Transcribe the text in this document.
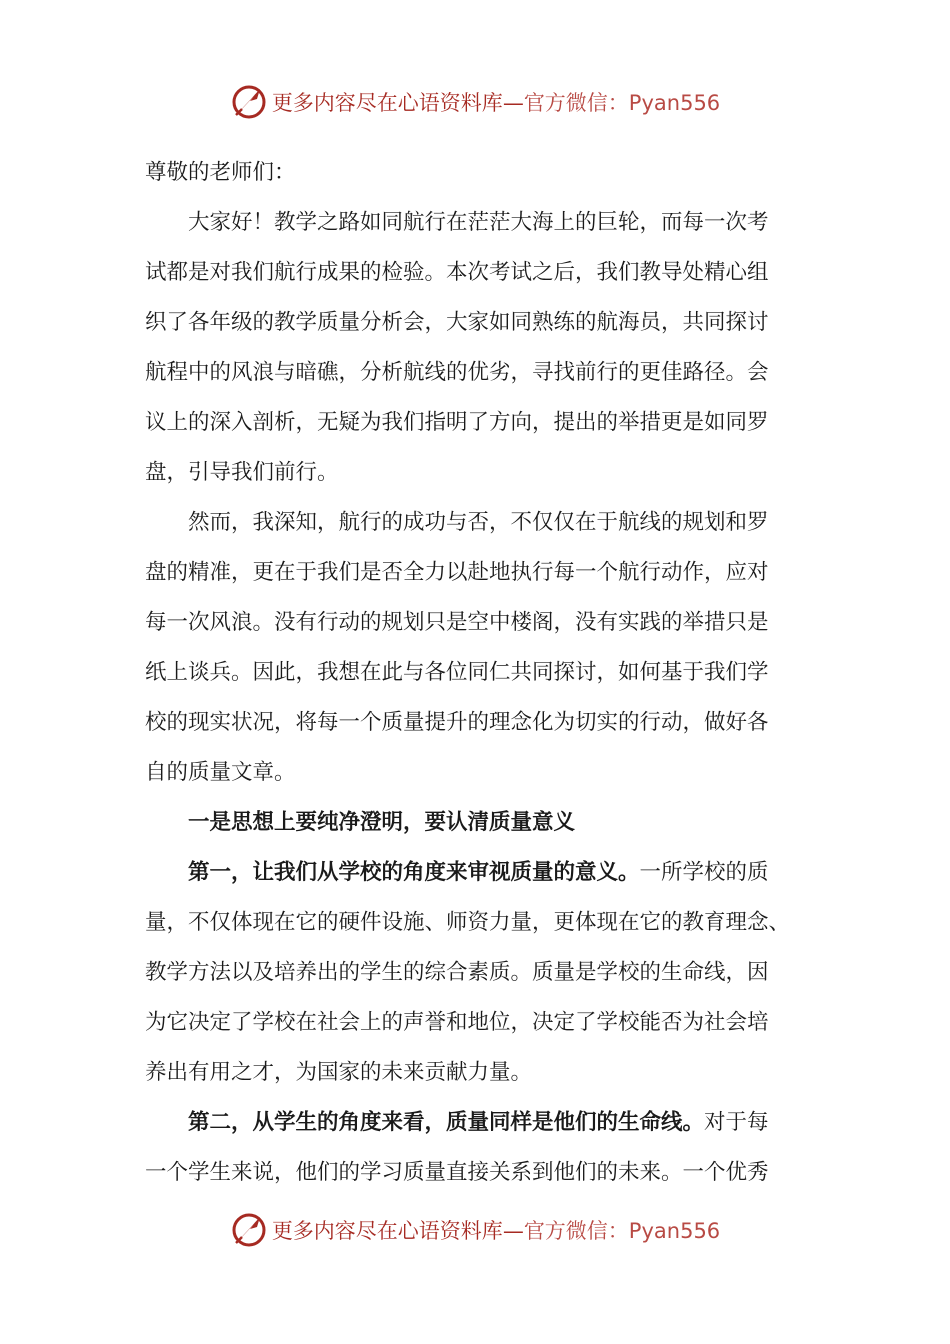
更多内容尽在心语资料库—官方微信：Pyan556
尊敬的老师们：
大家好！教学之路如同航行在茫茫大海上的巨轮，而每一次考
试都是对我们航行成果的检验。本次考试之后，我们教导处精心组
织了各年级的教学质量分析会，大家如同熟练的航海员，共同探讨
航程中的风浪与暗礁，分析航线的优劣，寻找前行的更佳路径。会
议上的深入剖析，无疑为我们指明了方向，提出的举措更是如同罗
盘，引导我们前行。
然而，我深知，航行的成功与否，不仅仅在于航线的规划和罗
盘的精准，更在于我们是否全力以赴地执行每一个航行动作，应对
每一次风浪。没有行动的规划只是空中楼阁，没有实践的举措只是
纸上谈兵。因此，我想在此与各位同仁共同探讨，如何基于我们学
校的现实状况，将每一个质量提升的理念化为切实的行动，做好各
自的质量文章。
一是思想上要纯净澄明，要认清质量意义
第一，让我们从学校的角度来审视质量的意义。一所学校的质
量，不仅体现在它的硬件设施、师资力量，更体现在它的教育理念、
教学方法以及培养出的学生的综合素质。质量是学校的生命线，因
为它决定了学校在社会上的声誉和地位，决定了学校能否为社会培
养出有用之才，为国家的未来贡献力量。
第二，从学生的角度来看，质量同样是他们的生命线。对于每
一个学生来说，他们的学习质量直接关系到他们的未来。一个优秀
更多内容尽在心语资料库—官方微信：Pyan556
